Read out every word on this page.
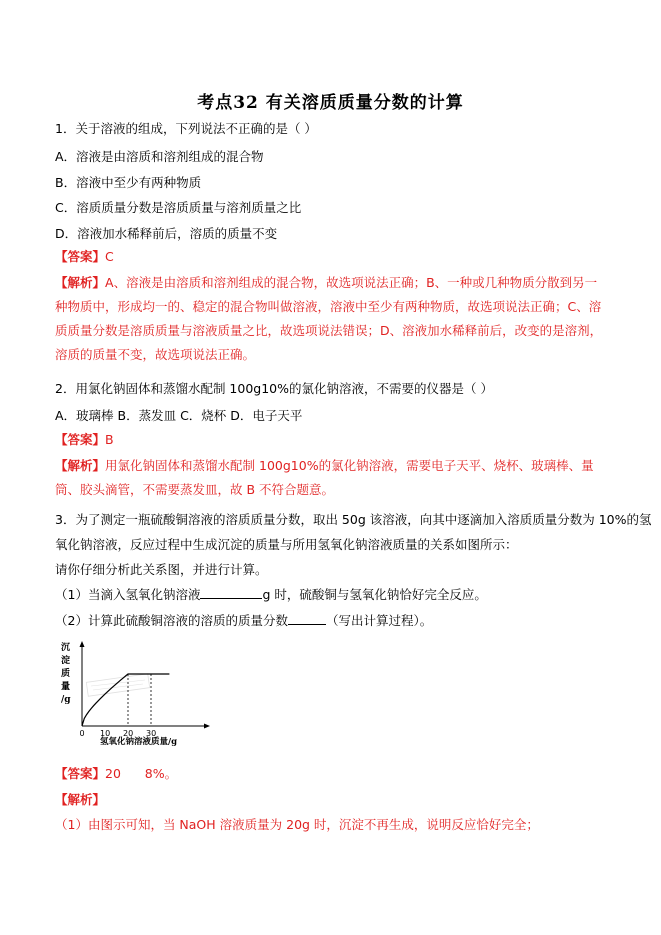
考点32 有关溶质质量分数的计算
1．关于溶液的组成，下列说法不正确的是（ ）
A．溶液是由溶质和溶剂组成的混合物
B．溶液中至少有两种物质
C．溶质质量分数是溶质质量与溶剂质量之比
D．溶液加水稀释前后，溶质的质量不变
【答案】C
【解析】A、溶液是由溶质和溶剂组成的混合物，故选项说法正确；B、一种或几种物质分散到另一种物质中，形成均一的、稳定的混合物叫做溶液，溶液中至少有两种物质，故选项说法正确；C、溶质质量分数是溶质质量与溶液质量之比，故选项说法错误；D、溶液加水稀释前后，改变的是溶剂，溶质的质量不变，故选项说法正确。
2．用氯化钠固体和蒸馏水配制 100g10%的氯化钠溶液，不需要的仪器是（ ）
A．玻璃棒 B．蒸发皿 C．烧杯 D．电子天平
【答案】B
【解析】用氯化钠固体和蒸馏水配制 100g10%的氯化钠溶液，需要电子天平、烧杯、玻璃棒、量筒、胶头滴管，不需要蒸发皿，故 B 不符合题意。
3．为了测定一瓶硫酸铜溶液的溶质质量分数，取出 50g 该溶液，向其中逐滴加入溶质质量分数为 10%的氢
氧化钠溶液，反应过程中生成沉淀的质量与所用氢氧化钠溶液质量的关系如图所示：
请你仔细分析此关系图，并进行计算。
（1）当滴入氢氧化钠溶液	g 时，硫酸铜与氢氧化钠恰好完全反应。
（2）计算此硫酸铜溶液的溶质的质量分数	（写出计算过程）。
沉
淀
质
量
/g
0 10 20 30
氢氧化钠溶液质量/g
【答案】20      8%。
【解析】
（1）由图示可知，当 NaOH 溶液质量为 20g 时，沉淀不再生成，说明反应恰好完全；
